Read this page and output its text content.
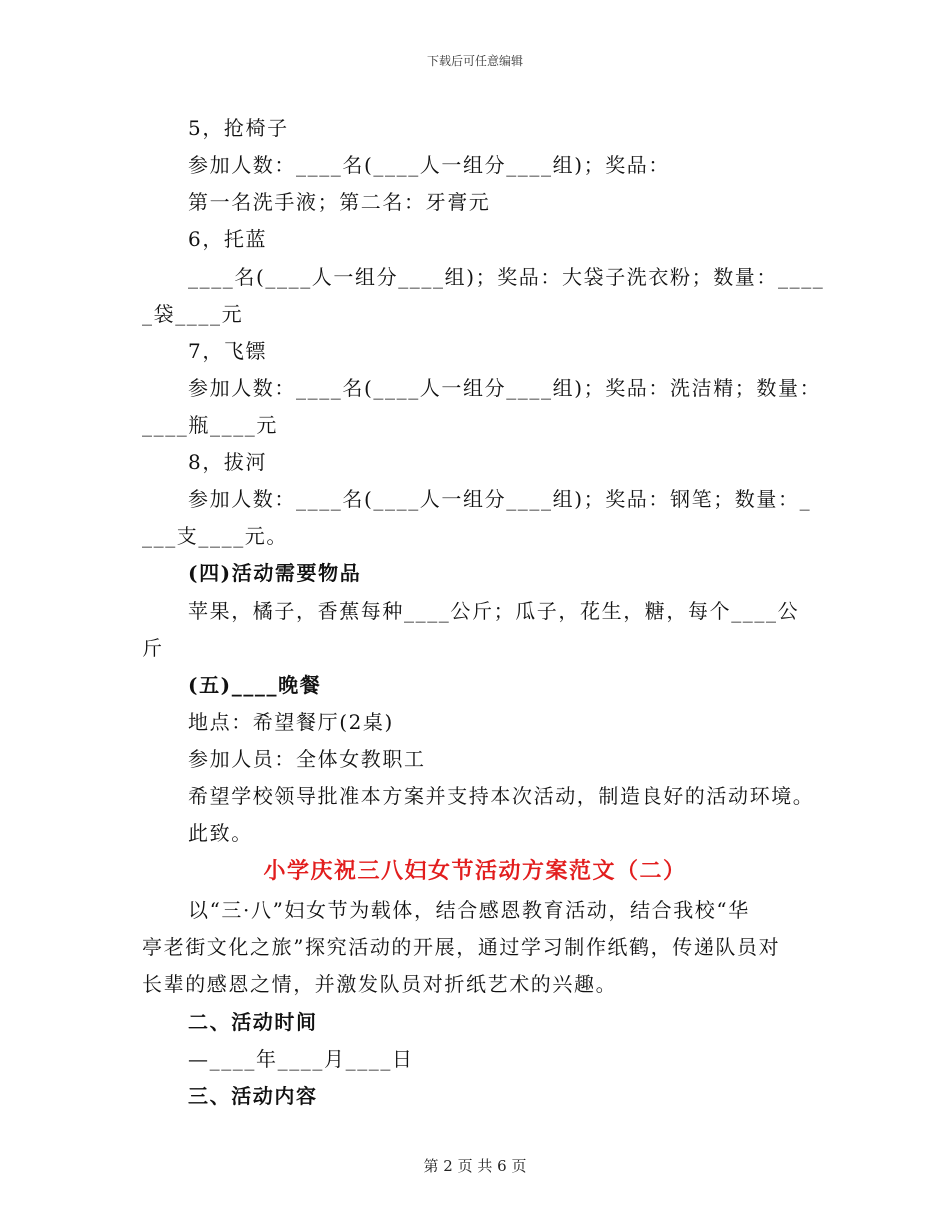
下载后可任意编辑
5，抢椅子
参加人数：____名(____人一组分____组)；奖品：
第一名洗手液；第二名：牙膏元
6，托蓝
____名(____人一组分____组)；奖品：大袋子洗衣粉；数量：____
_袋____元
7，飞镖
参加人数：____名(____人一组分____组)；奖品：洗洁精；数量：
____瓶____元
8，拔河
参加人数：____名(____人一组分____组)；奖品：钢笔；数量：_
___支____元。
(四)活动需要物品
苹果，橘子，香蕉每种____公斤；瓜子，花生，糖，每个____公
斤
(五)____晚餐
地点：希望餐厅(2桌)
参加人员：全体女教职工
希望学校领导批准本方案并支持本次活动，制造良好的活动环境。
此致。
以“三·八”妇女节为载体，结合感恩教育活动，结合我校“华
亭老街文化之旅”探究活动的开展，通过学习制作纸鹤，传递队员对
长辈的感恩之情，并激发队员对折纸艺术的兴趣。
二、活动时间
—____年____月____日
三、活动内容
小学庆祝三八妇女节活动方案范文（二）
第 2 页 共 6 页
